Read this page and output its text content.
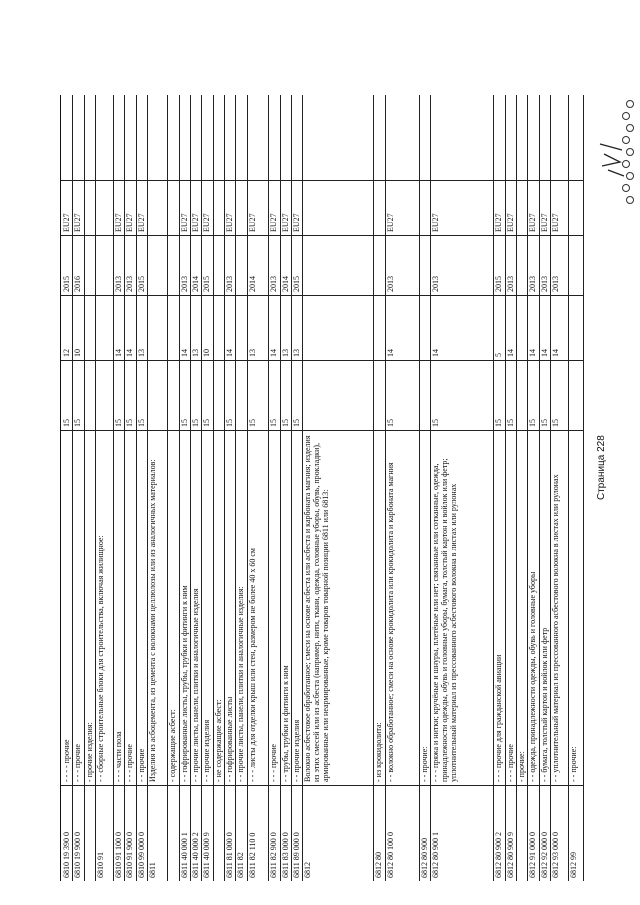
6810 19 390 0
- - - - прочие
15
12
2015
EU27
6810 19 900 0
- - - прочие
15
10
2016
EU27
- прочие изделия:
6810 91
- - сборные строительные блоки для строительства, включая жилищное:
6810 91 100 0
- - - части пола
15
14
2013
EU27
6810 91 900 0
- - - прочие
15
14
2013
EU27
6810 99 000 0
- - прочие
15
13
2015
EU27
6811
Изделия из асбоцемента, из цемента с волокнами целлюлозы или из аналогичных материалов: - содержащие асбест:
6811 40 000 1
- - гофрированные листы, трубы, трубки и фитинги к ним
15
14
2013
EU27
6811 40 000 2
- - прочие листы, панели, плитки и аналогичные изделия
15
13
2014
EU27
6811 40 000 9
- - прочие изделия
15
10
2015
EU27
- не содержащие асбест:
6811 81 000 0
- - гофрированные листы
15
14
2013
EU27
6811 82
- - прочие листы, панели, плитки и аналогичные изделия:
6811 82 110 0
- - - листы для отделки крыш или стен, размером не более 40 х 60 см
15
13
2014
EU27
6811 82 900 0
- - - прочие
15
14
2013
EU27
6811 83 000 0
- - трубы, трубки и фитинги к ним
15
13
2014
EU27
6811 89 000 0
- - прочие изделия
15
13
2015
EU27
6812
Волокно асбестовое обработанное; смеси на основе асбеста или асбеста и карбоната магния; изделия из этих смесей или из асбеста (например, нити, ткани, одежда, головные уборы, обувь, прокладки), армированные или неармированные, кроме товаров товарной позиции 6811 или 6813:
6812 80
- из крокидолита:
6812 80 100 0
- - волокно обработанное; смеси на основе крокидолита или крокидолита и карбоната магния
15
14
2013
EU27
6812 80 900
- - прочие:
6812 80 900 1
- - - пряжа и нитки; кручёные и шнуры, плетёные или нет; связанные или сотканные, одежда, принадлежности одежды, обувь и головные уборы, бумага, толстый картон и войлок или фетр; уплотнительный материал из прессованного асбестового волокна в листах или рулонах
15
14
2013
EU27
6812 80 900 2
- - - прочие для гражданской авиации
15
5
2015
EU27
6812 80 900 9
- - - прочие
15
14
2013
EU27
- прочие:
6812 91 000 0
- - одежда, принадлежности одежды, обувь и головные уборы
15
14
2013
EU27
6812 92 000 0
- - бумага, толстый картон и войлок или фетр
15
14
2013
EU27
6812 93 000 0
- - уплотнительный материал из прессованного асбестового волокна в листах или рулонах
15
14
2013
EU27
6812 99
- - прочие:
Страница 228
